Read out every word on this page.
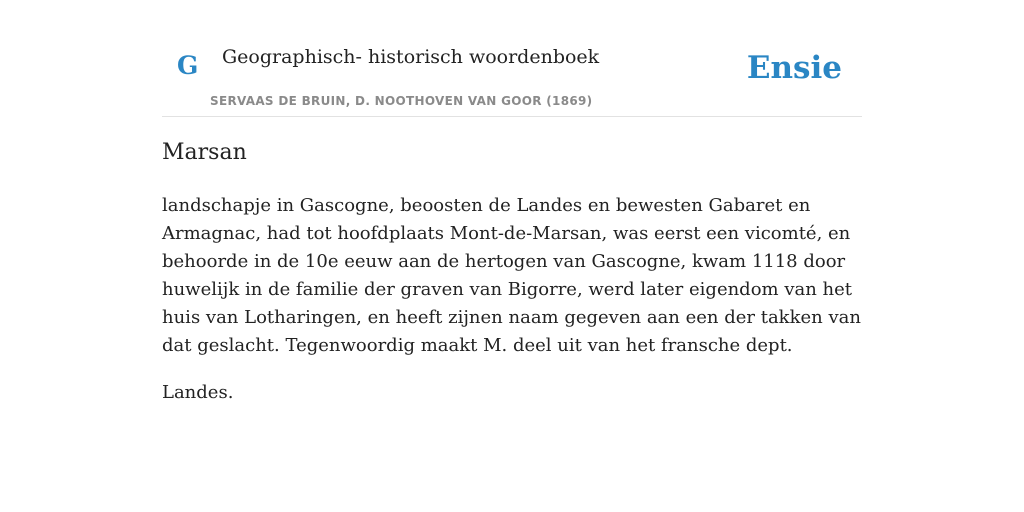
G Geographisch- historisch woordenboek
SERVAAS DE BRUIN, D. NOOTHOVEN VAN GOOR (1869)
Ensie
Marsan

landschapje in Gascogne, beoosten de Landes en bewesten Gabaret en Armagnac, had tot hoofdplaats Mont-de-Marsan, was eerst een vicomté, en behoorde in de 10e eeuw aan de hertogen van Gascogne, kwam 1118 door huwelijk in de familie der graven van Bigorre, werd later eigendom van het huis van Lotharingen, en heeft zijnen naam gegeven aan een der takken van dat geslacht. Tegenwoordig maakt M. deel uit van het fransche dept.

Landes.
